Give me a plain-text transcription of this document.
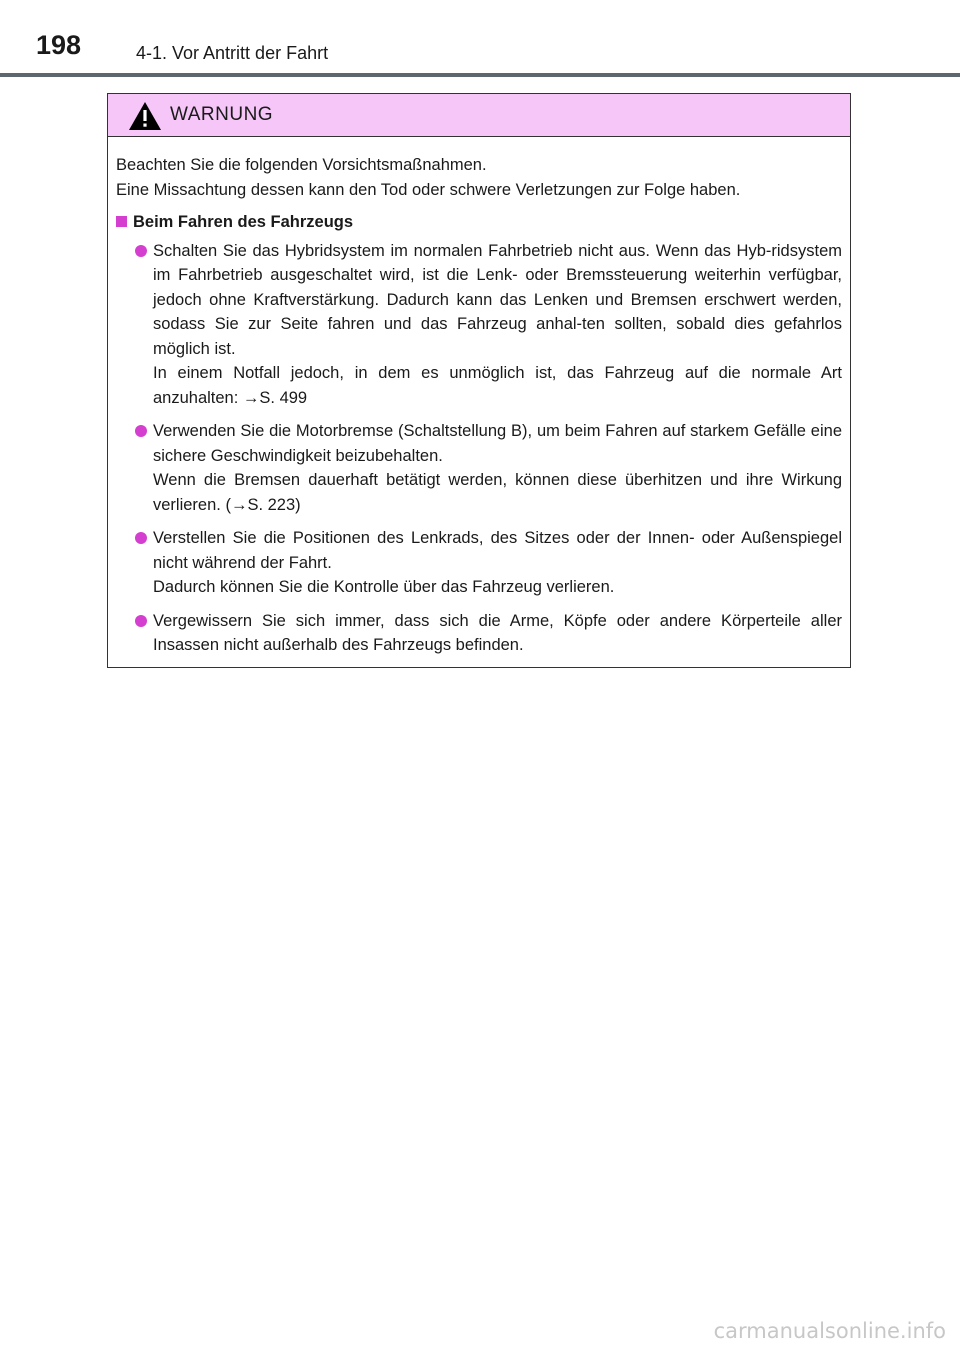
198	4-1. Vor Antritt der Fahrt
WARNUNG

Beachten Sie die folgenden Vorsichtsmaßnahmen.

Eine Missachtung dessen kann den Tod oder schwere Verletzungen zur Folge haben.

Beim Fahren des Fahrzeugs

Schalten Sie das Hybridsystem im normalen Fahrbetrieb nicht aus. Wenn das Hyb-ridsystem im Fahrbetrieb ausgeschaltet wird, ist die Lenk- oder Bremssteuerung weiterhin verfügbar, jedoch ohne Kraftverstärkung. Dadurch kann das Lenken und Bremsen erschwert werden, sodass Sie zur Seite fahren und das Fahrzeug anhal-ten sollten, sobald dies gefahrlos möglich ist.

In einem Notfall jedoch, in dem es unmöglich ist, das Fahrzeug auf die normale Art anzuhalten: →S. 499

Verwenden Sie die Motorbremse (Schaltstellung B), um beim Fahren auf starkem Gefälle eine sichere Geschwindigkeit beizubehalten.

Wenn die Bremsen dauerhaft betätigt werden, können diese überhitzen und ihre Wirkung verlieren. (→S. 223)

Verstellen Sie die Positionen des Lenkrads, des Sitzes oder der Innen- oder Außenspiegel nicht während der Fahrt.

Dadurch können Sie die Kontrolle über das Fahrzeug verlieren.

Vergewissern Sie sich immer, dass sich die Arme, Köpfe oder andere Körperteile aller Insassen nicht außerhalb des Fahrzeugs befinden.

carmanualsonline.info
